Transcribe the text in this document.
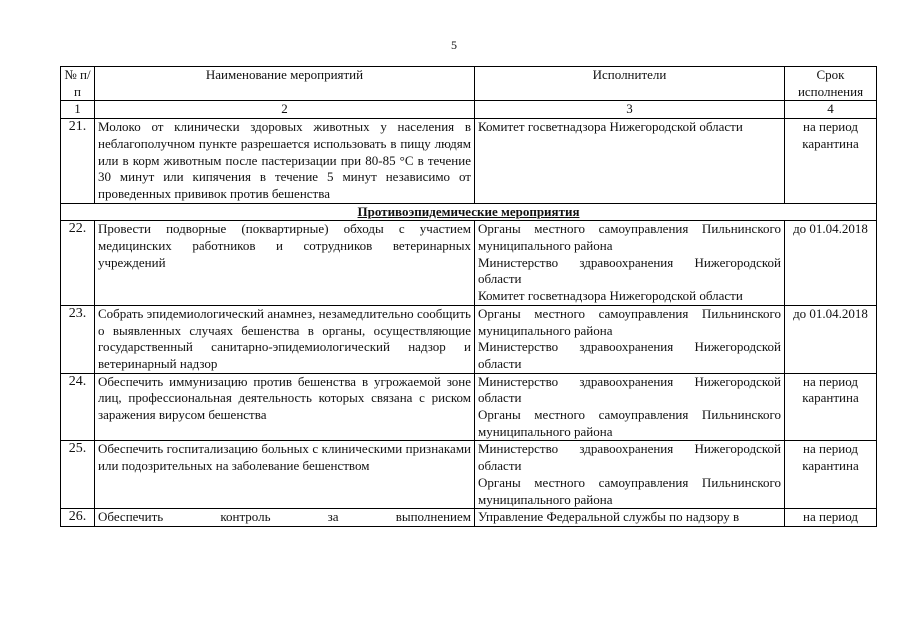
5
№ п/п	Наименование мероприятий	Исполнители	Срок исполнения
1	2	3	4
21.	Молоко от клинически здоровых животных у населения в неблагополучном пункте разрешается использовать в пищу людям или в корм животным после пастеризации при 80-85 °С в течение 30 минут или кипячения в течение 5 минут независимо от проведенных прививок против бешенства	Комитет госветнадзора Нижегородской области	на период карантина
Противоэпидемические мероприятия			
22.	Провести подворные (поквартирные) обходы с участием медицинских работников и сотрудников ветеринарных учреждений	Органы местного самоуправления Пильнинского муниципального района
Министерство здравоохранения Нижегородской области
Комитет госветнадзора Нижегородской области	до 01.04.2018
23.	Собрать эпидемиологический анамнез, незамедлительно сообщить о выявленных случаях бешенства в органы, осуществляющие государственный санитарно-эпидемиологический надзор и ветеринарный надзор	Органы местного самоуправления Пильнинского муниципального района
Министерство здравоохранения Нижегородской области	до 01.04.2018
24.	Обеспечить иммунизацию против бешенства в угрожаемой зоне лиц, профессиональная деятельность которых связана с риском заражения вирусом бешенства	Министерство здравоохранения Нижегородской области
Органы местного самоуправления Пильнинского муниципального района	на период карантина
25.	Обеспечить госпитализацию больных с клиническими признаками или подозрительных на заболевание бешенством	Министерство здравоохранения Нижегородской области
Органы местного самоуправления Пильнинского муниципального района	на период карантина
26.	Обеспечить контроль за выполнением	Управление Федеральной службы по надзору в	на период
